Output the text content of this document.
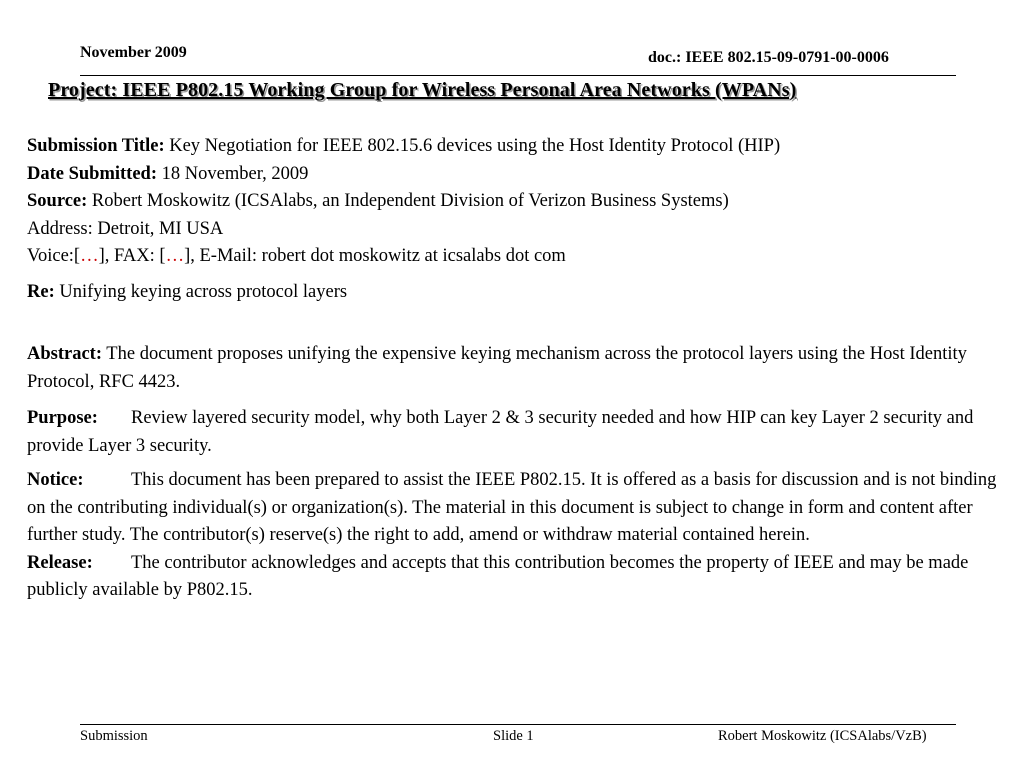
November 2009	doc.: IEEE 802.15-09-0791-00-0006
Project: IEEE P802.15 Working Group for Wireless Personal Area Networks (WPANs)

Submission Title: Key Negotiation for IEEE 802.15.6 devices using the Host Identity Protocol (HIP)

Date Submitted: 18 November, 2009

Source: Robert Moskowitz (ICSAlabs, an Independent Division of Verizon Business Systems)

Address: Detroit, MI USA

Voice:[…], FAX: […], E-Mail: robert dot moskowitz at icsalabs dot com

Re: Unifying keying across protocol layers

Abstract: The document proposes unifying the expensive keying mechanism across the protocol layers using the Host Identity Protocol, RFC 4423.

Purpose: Review layered security model, why both Layer 2 & 3 security needed and how HIP can key Layer 2 security and provide Layer 3 security.

Notice:	This document has been prepared to assist the IEEE P802.15. It is offered as a basis for discussion and is not binding on the contributing individual(s) or organization(s). The material in this document is subject to change in form and content after further study. The contributor(s) reserve(s) the right to add, amend or withdraw material contained herein.

Release: The contributor acknowledges and accepts that this contribution becomes the property of IEEE and may be made publicly available by P802.15.

Submission	Slide 1	Robert Moskowitz (ICSAlabs/VzB)
